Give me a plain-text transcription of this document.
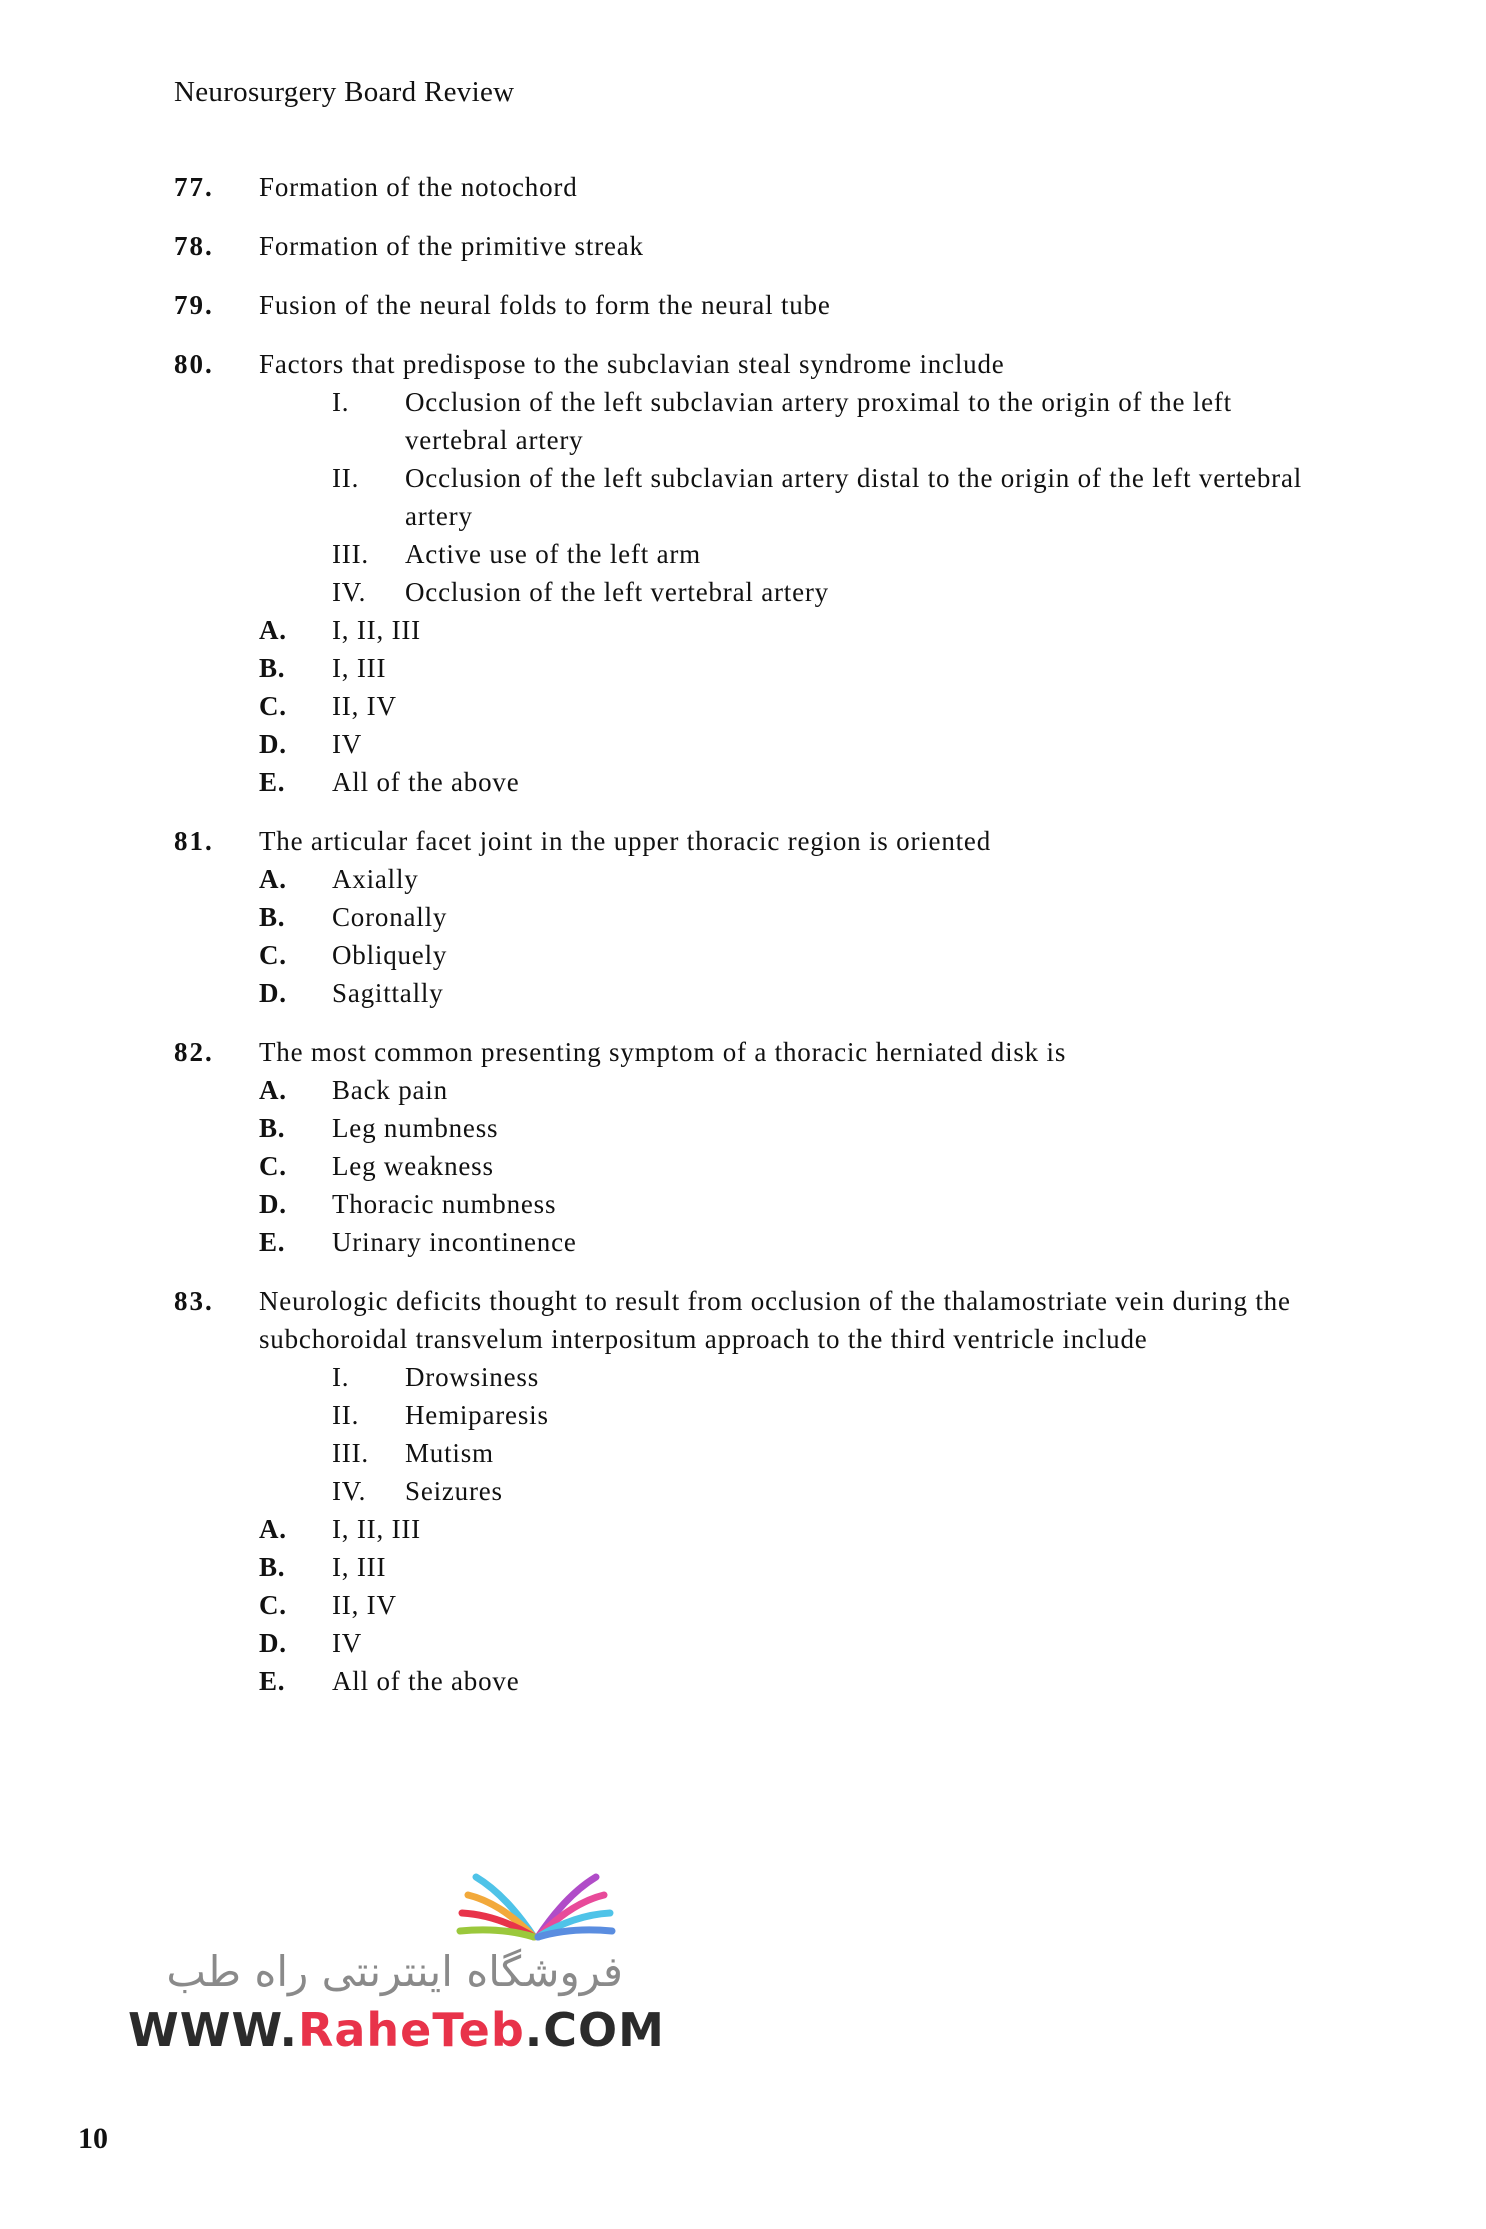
Neurosurgery Board Review
77. Formation of the notochord
78. Formation of the primitive streak
79. Fusion of the neural folds to form the neural tube
80. Factors that predispose to the subclavian steal syndrome include
I.	Occlusion of the left subclavian artery proximal to the origin of the left vertebral artery
II.	Occlusion of the left subclavian artery distal to the origin of the left vertebral artery
III.	Active use of the left arm
IV.	Occlusion of the left vertebral artery
A.	I, II, III
B.	I, III
C.	II, IV
D.	IV
E.	All of the above
81. The articular facet joint in the upper thoracic region is oriented
A.	Axially
B.	Coronally
C.	Obliquely
D.	Sagittally
82. The most common presenting symptom of a thoracic herniated disk is
A.	Back pain
B.	Leg numbness
C.	Leg weakness
D.	Thoracic numbness
E.	Urinary incontinence
83. Neurologic deficits thought to result from occlusion of the thalamostriate vein during the subchoroidal transvelum interpositum approach to the third ventricle include
I.	Drowsiness
II.	Hemiparesis
III.	Mutism
IV.	Seizures
A.	I, II, III
B.	I, III
C.	II, IV
D.	IV
E.	All of the above
فروشگاه اینترنتی راه طب
WWW.RaheTeb.COM
10
